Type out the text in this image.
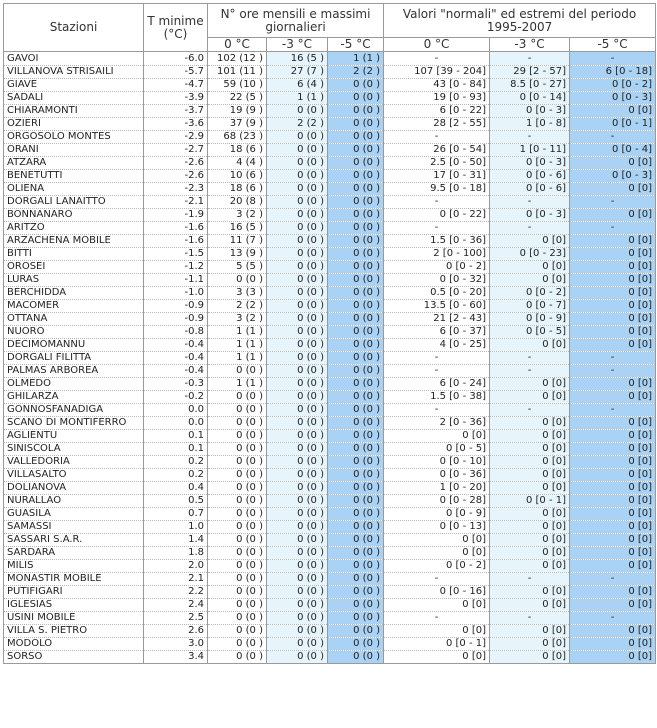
Stazioni	T minime (°C)	N° ore mensili e massimi giornalieri			Valori "normali" ed estremi del periodo 1995-2007		
		0 °C	-3 °C	-5 °C	0 °C	-3 °C	-5 °C
GAVOI	-6.0	102 (12 )	16 (5 )	1 (1 )	-	-	-
VILLANOVA STRISAILI	-5.7	101 (11 )	27 (7 )	2 (2 )	107 [39 - 204]	29 [2 - 57]	6 [0 - 18]
GIAVE	-4.7	59 (10 )	6 (4 )	0 (0 )	43 [0 - 84]	8.5 [0 - 27]	0 [0 - 2]
SADALI	-3.9	22 (5 )	1 (1 )	0 (0 )	19 [0 - 93]	0 [0 - 14]	0 [0 - 3]
CHIARAMONTI	-3.7	19 (9 )	0 (0 )	0 (0 )	6 [0 - 22]	0 [0 - 3]	0 [0]
OZIERI	-3.6	37 (9 )	2 (2 )	0 (0 )	28 [2 - 55]	1 [0 - 8]	0 [0 - 1]
ORGOSOLO MONTES	-2.9	68 (23 )	0 (0 )	0 (0 )	-	-	-
ORANI	-2.7	18 (6 )	0 (0 )	0 (0 )	26 [0 - 54]	1 [0 - 11]	0 [0 - 4]
ATZARA	-2.6	4 (4 )	0 (0 )	0 (0 )	2.5 [0 - 50]	0 [0 - 3]	0 [0]
BENETUTTI	-2.6	10 (6 )	0 (0 )	0 (0 )	17 [0 - 31]	0 [0 - 6]	0 [0 - 3]
OLIENA	-2.3	18 (6 )	0 (0 )	0 (0 )	9.5 [0 - 18]	0 [0 - 6]	0 [0]
DORGALI LANAITTO	-2.1	20 (8 )	0 (0 )	0 (0 )	-	-	-
BONNANARO	-1.9	3 (2 )	0 (0 )	0 (0 )	0 [0 - 22]	0 [0 - 3]	0 [0]
ARITZO	-1.6	16 (5 )	0 (0 )	0 (0 )	-	-	-
ARZACHENA MOBILE	-1.6	11 (7 )	0 (0 )	0 (0 )	1.5 [0 - 36]	0 [0]	0 [0]
BITTI	-1.5	13 (9 )	0 (0 )	0 (0 )	2 [0 - 100]	0 [0 - 23]	0 [0]
OROSEI	-1.2	5 (5 )	0 (0 )	0 (0 )	0 [0 - 2]	0 [0]	0 [0]
LURAS	-1.1	0 (0 )	0 (0 )	0 (0 )	0 [0 - 32]	0 [0]	0 [0]
BERCHIDDA	-1.0	3 (3 )	0 (0 )	0 (0 )	0.5 [0 - 20]	0 [0 - 2]	0 [0]
MACOMER	-0.9	2 (2 )	0 (0 )	0 (0 )	13.5 [0 - 60]	0 [0 - 7]	0 [0]
OTTANA	-0.9	3 (2 )	0 (0 )	0 (0 )	21 [2 - 43]	0 [0 - 9]	0 [0]
NUORO	-0.8	1 (1 )	0 (0 )	0 (0 )	6 [0 - 37]	0 [0 - 5]	0 [0]
DECIMOMANNU	-0.4	1 (1 )	0 (0 )	0 (0 )	4 [0 - 25]	0 [0]	0 [0]
DORGALI FILITTA	-0.4	1 (1 )	0 (0 )	0 (0 )	-	-	-
PALMAS ARBOREA	-0.4	0 (0 )	0 (0 )	0 (0 )	-	-	-
OLMEDO	-0.3	1 (1 )	0 (0 )	0 (0 )	6 [0 - 24]	0 [0]	0 [0]
GHILARZA	-0.2	0 (0 )	0 (0 )	0 (0 )	1.5 [0 - 38]	0 [0]	0 [0]
GONNOSFANADIGA	0.0	0 (0 )	0 (0 )	0 (0 )	-	-	-
SCANO DI MONTIFERRO	0.0	0 (0 )	0 (0 )	0 (0 )	2 [0 - 36]	0 [0]	0 [0]
AGLIENTU	0.1	0 (0 )	0 (0 )	0 (0 )	0 [0]	0 [0]	0 [0]
SINISCOLA	0.1	0 (0 )	0 (0 )	0 (0 )	0 [0 - 5]	0 [0]	0 [0]
VALLEDORIA	0.2	0 (0 )	0 (0 )	0 (0 )	0 [0 - 10]	0 [0]	0 [0]
VILLASALTO	0.2	0 (0 )	0 (0 )	0 (0 )	0 [0 - 36]	0 [0]	0 [0]
DOLIANOVA	0.4	0 (0 )	0 (0 )	0 (0 )	1 [0 - 20]	0 [0]	0 [0]
NURALLAO	0.5	0 (0 )	0 (0 )	0 (0 )	0 [0 - 28]	0 [0 - 1]	0 [0]
GUASILA	0.7	0 (0 )	0 (0 )	0 (0 )	0 [0 - 9]	0 [0]	0 [0]
SAMASSI	1.0	0 (0 )	0 (0 )	0 (0 )	0 [0 - 13]	0 [0]	0 [0]
SASSARI S.A.R.	1.4	0 (0 )	0 (0 )	0 (0 )	0 [0]	0 [0]	0 [0]
SARDARA	1.8	0 (0 )	0 (0 )	0 (0 )	0 [0]	0 [0]	0 [0]
MILIS	2.0	0 (0 )	0 (0 )	0 (0 )	0 [0 - 2]	0 [0]	0 [0]
MONASTIR MOBILE	2.1	0 (0 )	0 (0 )	0 (0 )	-	-	-
PUTIFIGARI	2.2	0 (0 )	0 (0 )	0 (0 )	0 [0 - 16]	0 [0]	0 [0]
IGLESIAS	2.4	0 (0 )	0 (0 )	0 (0 )	0 [0]	0 [0]	0 [0]
USINI MOBILE	2.5	0 (0 )	0 (0 )	0 (0 )	-	-	-
VILLA S. PIETRO	2.6	0 (0 )	0 (0 )	0 (0 )	0 [0]	0 [0]	0 [0]
MODOLO	3.0	0 (0 )	0 (0 )	0 (0 )	0 [0 - 1]	0 [0]	0 [0]
SORSO	3.4	0 (0 )	0 (0 )	0 (0 )	0 [0]	0 [0]	0 [0]
